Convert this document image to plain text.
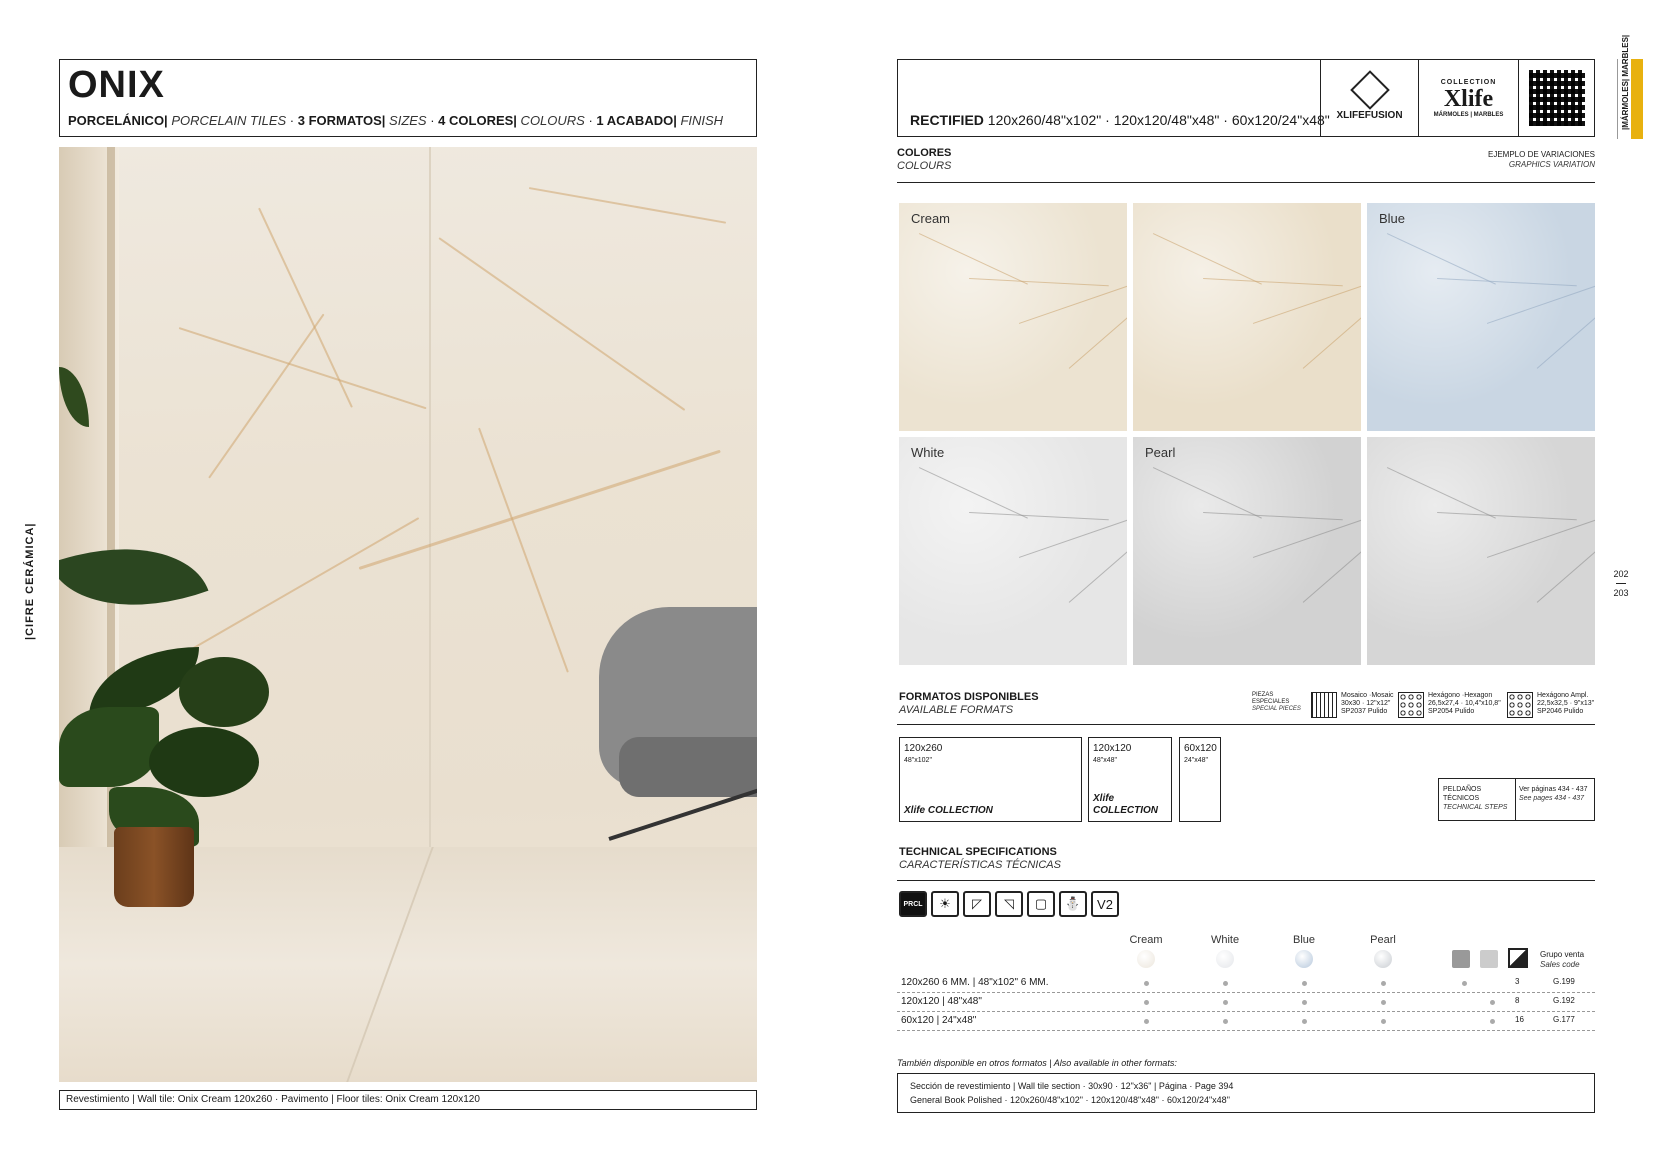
ONIX
PORCELÁNICO| PORCELAIN TILES · 3 FORMATOS| SIZES · 4 COLORES| COLOURS · 1 ACABADO| FINISH
Revestimiento | Wall tile: Onix Cream 120x260 · Pavimento | Floor tiles: Onix Cream 120x120
|CIFRE CERÁMICA|
RECTIFIED 120x260/48"x102" · 120x120/48"x48" · 60x120/24"x48" XLIFEFUSION
COLLECTION
Xlife
MÁRMOLES | MARBLES	|MÁRMOLES| MARBLES|
COLORES
COLOURS
EJEMPLO DE VARIACIONES
GRAPHICS VARIATION
Cream	Blue
White	Pearl
FORMATOS DISPONIBLES
AVAILABLE FORMATS
PIEZAS ESPECIALES
SPECIAL PIECES
Mosaico ·Mosaic
30x30 · 12"x12"
SP2037 Pulido
Hexágono ·Hexagon
26,5x27,4 · 10,4"x10,8"
SP2054 Pulido
Hexágono Ampl.
22,5x32,5 · 9"x13"
SP2046 Pulido
120x260
48"x102"
Xlife COLLECTION
120x120
48"x48"
Xlife COLLECTION
60x120
24"x48"
PELDAÑOS TÉCNICOS
TECHNICAL STEPS
Ver páginas 434 - 437
See pages 434 - 437
TECHNICAL SPECIFICATIONS
CARACTERÍSTICAS TÉCNICAS
PRCL	☀	◸	◹	▢	⛄	V2
Cream	White	Blue	Pearl
Grupo venta
Sales code
120x260 6 MM. | 48"x102" 6 MM.	3	G.199
120x120 | 48"x48"	8	G.192
60x120 | 24"x48"	16	G.177
También disponible en otros formatos | Also available in other formats:
Sección de revestimiento | Wall tile section · 30x90 · 12"x36" | Página · Page 394
General Book Polished · 120x260/48"x102" · 120x120/48"x48" · 60x120/24"x48"
202
203
